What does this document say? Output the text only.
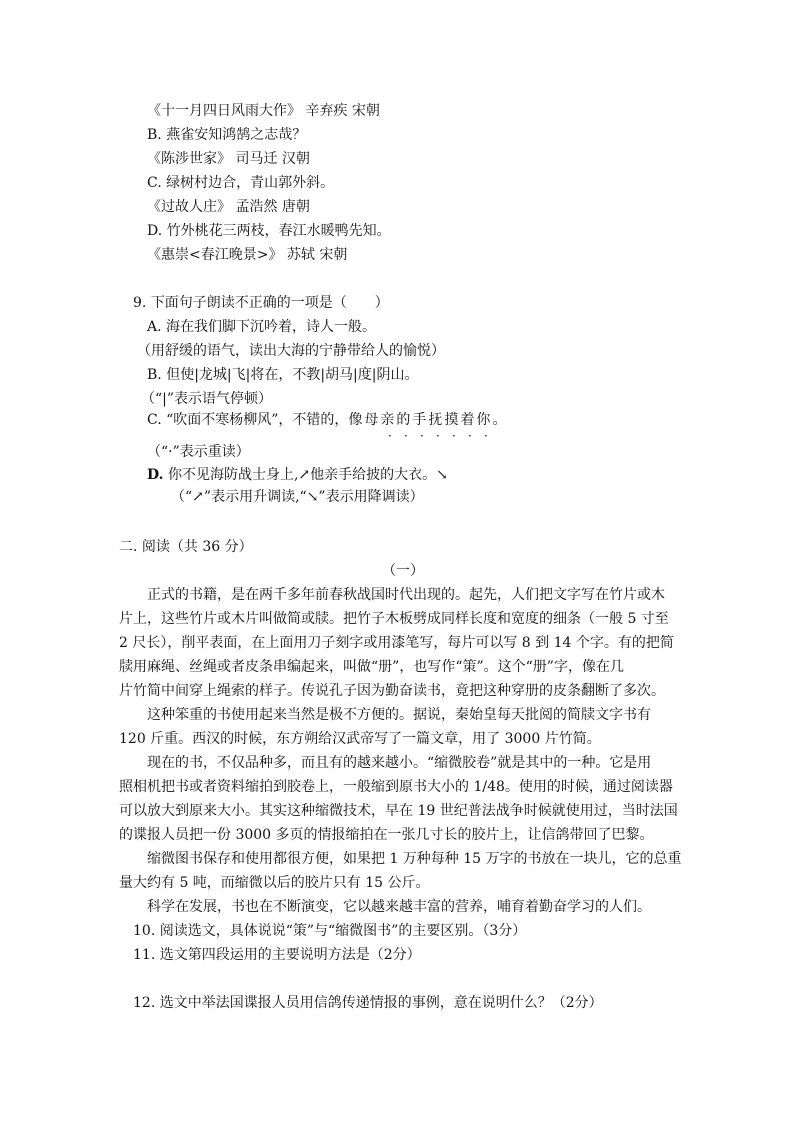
《十一月四日风雨大作》 辛弃疾 宋朝
B. 燕雀安知鸿鹄之志哉？
《陈涉世家》 司马迁 汉朝
C. 绿树村边合，青山郭外斜。
《过故人庄》 孟浩然 唐朝
D. 竹外桃花三两枝，春江水暖鸭先知。
《惠崇<春江晚景>》 苏轼 宋朝
9. 下面句子朗读不正确的一项是（　　）
A. 海在我们脚下沉吟着，诗人一般。
（用舒缓的语气，读出大海的宁静带给人的愉悦）
B. 但使|龙城|飞|将在，不教|胡马|度|阴山。
（“|”表示语气停顿）
C. “吹面不寒杨柳风”，不错的，像母亲的手抚摸着你。
· · · · · · ·
（“·”表示重读）
D. 你不见海防战士身上,↗他亲手给披的大衣。↘
（“↗”表示用升调读,“↘”表示用降调读）
二. 阅读（共 36 分）
（一）
正式的书籍，是在两千多年前春秋战国时代出现的。起先，人们把文字写在竹片或木
片上，这些竹片或木片叫做简或牍。把竹子木板劈成同样长度和宽度的细条（一般 5 寸至
2 尺长），削平表面，在上面用刀子刻字或用漆笔写，每片可以写 8 到 14 个字。有的把简
牍用麻绳、丝绳或者皮条串编起来，叫做“册”，也写作“策”。这个“册”字，像在几
片竹简中间穿上绳索的样子。传说孔子因为勤奋读书，竟把这种穿册的皮条翻断了多次。
这种笨重的书使用起来当然是极不方便的。据说，秦始皇每天批阅的简牍文字书有
120 斤重。西汉的时候，东方朔给汉武帝写了一篇文章，用了 3000 片竹简。
现在的书，不仅品种多，而且有的越来越小。“缩微胶卷”就是其中的一种。它是用
照相机把书或者资料缩拍到胶卷上，一般缩到原书大小的 1/48。使用的时候，通过阅读器
可以放大到原来大小。其实这种缩微技术，早在 19 世纪普法战争时候就使用过，当时法国
的谍报人员把一份 3000 多页的情报缩拍在一张几寸长的胶片上，让信鸽带回了巴黎。
缩微图书保存和使用都很方便，如果把 1 万种每种 15 万字的书放在一块儿，它的总重
量大约有 5 吨，而缩微以后的胶片只有 15 公斤。
科学在发展，书也在不断演变，它以越来越丰富的营养，哺育着勤奋学习的人们。
10. 阅读选文，具体说说“策”与“缩微图书”的主要区别。（3分）
11. 选文第四段运用的主要说明方法是（2分）
12. 选文中举法国谍报人员用信鸽传递情报的事例，意在说明什么？（2分）
